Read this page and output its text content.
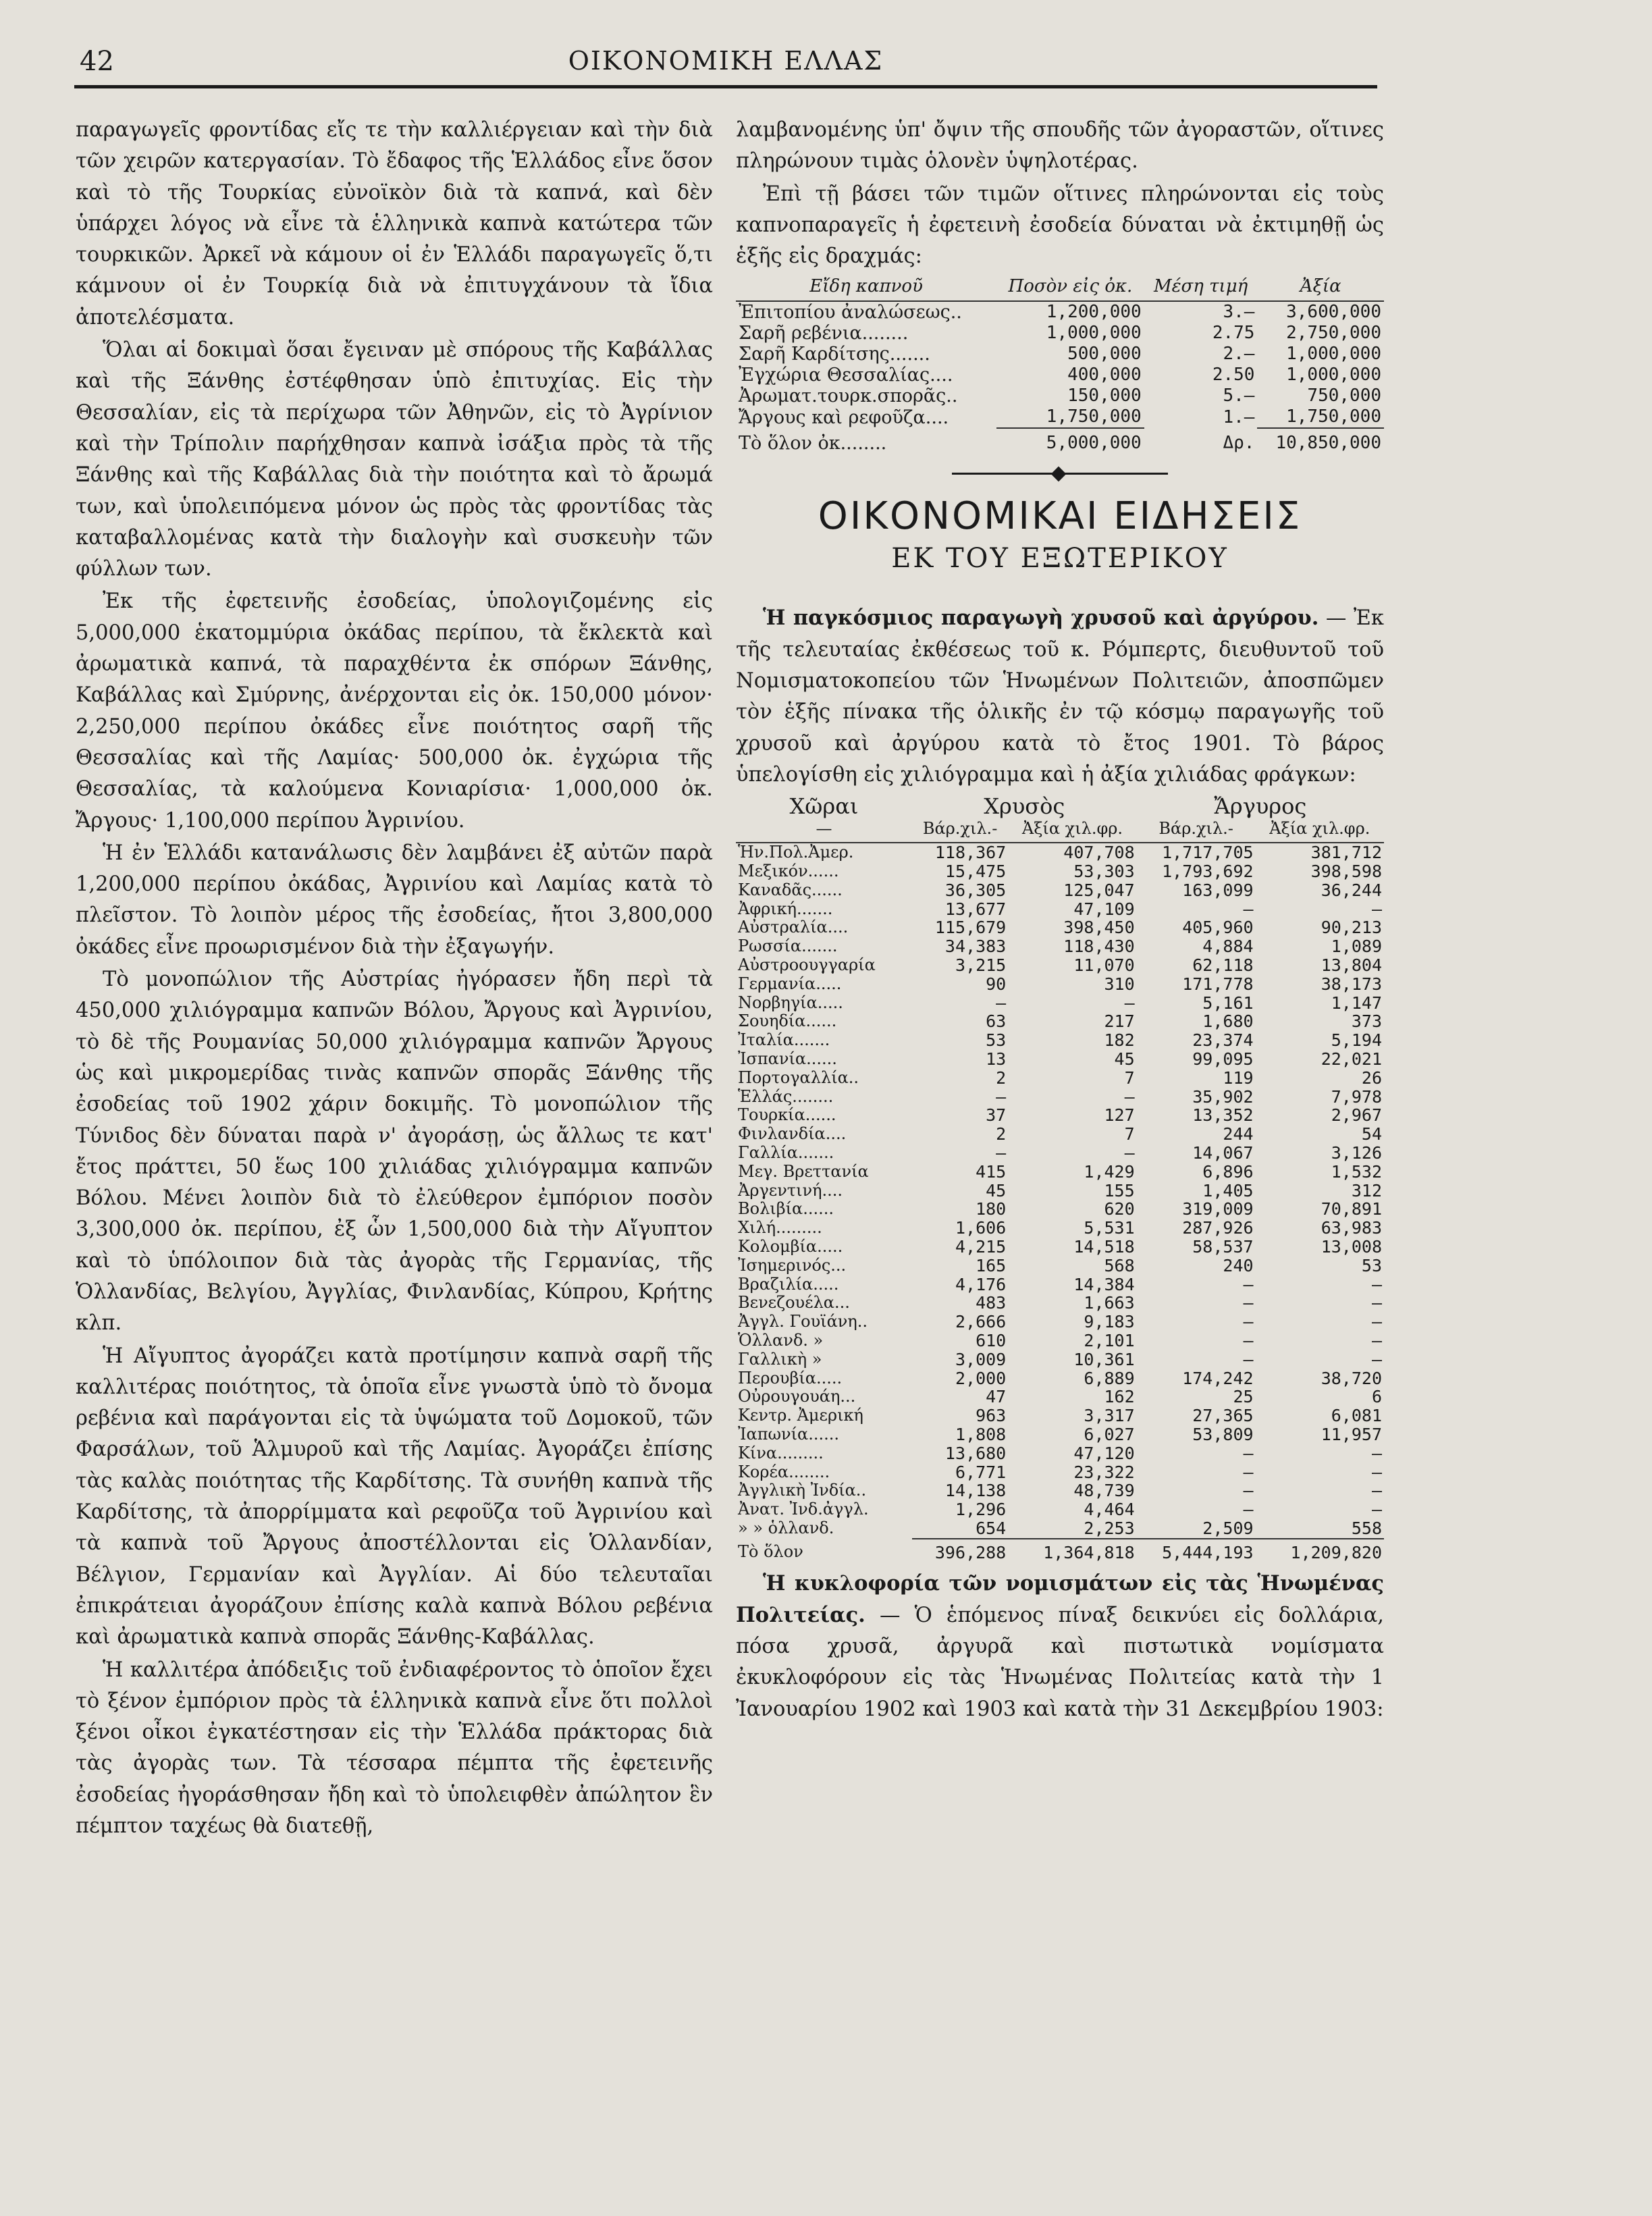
42	ΟΙΚΟΝΟΜΙΚΗ ΕΛΛΑΣ

παραγωγεῖς φροντίδας εἴς τε τὴν καλλιέργειαν καὶ τὴν διὰ τῶν χειρῶν κατεργασίαν. Τὸ ἔδαφος τῆς Ἑλλάδος εἶνε ὅσον καὶ τὸ τῆς Τουρκίας εὐνοϊκὸν διὰ τὰ καπνά, καὶ δὲν ὑπάρχει λόγος νὰ εἶνε τὰ ἑλληνικὰ καπνὰ κατώτερα τῶν τουρκικῶν. Ἀρκεῖ νὰ κάμουν οἱ ἐν Ἑλλάδι παραγωγεῖς ὅ,τι κάμνουν οἱ ἐν Τουρκίᾳ διὰ νὰ ἐπιτυγχάνουν τὰ ἴδια ἀποτελέσματα.

Ὅλαι αἱ δοκιμαὶ ὅσαι ἔγειναν μὲ σπόρους τῆς Καβάλλας καὶ τῆς Ξάνθης ἐστέφθησαν ὑπὸ ἐπιτυχίας. Εἰς τὴν Θεσσαλίαν, εἰς τὰ περίχωρα τῶν Ἀθηνῶν, εἰς τὸ Ἀγρίνιον καὶ τὴν Τρίπολιν παρήχθησαν καπνὰ ἰσάξια πρὸς τὰ τῆς Ξάνθης καὶ τῆς Καβάλλας διὰ τὴν ποιότητα καὶ τὸ ἄρωμά των, καὶ ὑπολειπόμενα μόνον ὡς πρὸς τὰς φροντίδας τὰς καταβαλλομένας κατὰ τὴν διαλογὴν καὶ συσκευὴν τῶν φύλλων των.

Ἐκ τῆς ἐφετεινῆς ἐσοδείας, ὑπολογιζομένης εἰς 5,000,000 ἑκατομμύρια ὀκάδας περίπου, τὰ ἔκλεκτὰ καὶ ἀρωματικὰ καπνά, τὰ παραχθέντα ἐκ σπόρων Ξάνθης, Καβάλλας καὶ Σμύρνης, ἀνέρχονται εἰς ὀκ. 150,000 μόνον· 2,250,000 περίπου ὀκάδες εἶνε ποιότητος σαρῆ τῆς Θεσσαλίας καὶ τῆς Λαμίας· 500,000 ὀκ. ἐγχώρια τῆς Θεσσαλίας, τὰ καλούμενα Κονιαρίσια· 1,000,000 ὀκ. Ἄργους· 1,100,000 περίπου Ἀγρινίου.

Ἡ ἐν Ἑλλάδι κατανάλωσις δὲν λαμβάνει ἐξ αὐτῶν παρὰ 1,200,000 περίπου ὀκάδας, Ἀγρινίου καὶ Λαμίας κατὰ τὸ πλεῖστον. Τὸ λοιπὸν μέρος τῆς ἐσοδείας, ἤτοι 3,800,000 ὀκάδες εἶνε προωρισμένον διὰ τὴν ἐξαγωγήν.

Τὸ μονοπώλιον τῆς Αὐστρίας ἠγόρασεν ἤδη περὶ τὰ 450,000 χιλιόγραμμα καπνῶν Βόλου, Ἄργους καὶ Ἀγρινίου, τὸ δὲ τῆς Ρουμανίας 50,000 χιλιόγραμμα καπνῶν Ἄργους ὡς καὶ μικρομερίδας τινὰς καπνῶν σπορᾶς Ξάνθης τῆς ἐσοδείας τοῦ 1902 χάριν δοκιμῆς. Τὸ μονοπώλιον τῆς Τύνιδος δὲν δύναται παρὰ ν' ἀγοράσῃ, ὡς ἄλλως τε κατ' ἔτος πράττει, 50 ἕως 100 χιλιάδας χιλιόγραμμα καπνῶν Βόλου. Μένει λοιπὸν διὰ τὸ ἐλεύθερον ἐμπόριον ποσὸν 3,300,000 ὀκ. περίπου, ἐξ ὧν 1,500,000 διὰ τὴν Αἴγυπτον καὶ τὸ ὑπόλοιπον διὰ τὰς ἀγορὰς τῆς Γερμανίας, τῆς Ὁλλανδίας, Βελγίου, Ἀγγλίας, Φινλανδίας, Κύπρου, Κρήτης κλπ.

Ἡ Αἴγυπτος ἀγοράζει κατὰ προτίμησιν καπνὰ σαρῆ τῆς καλλιτέρας ποιότητος, τὰ ὁποῖα εἶνε γνωστὰ ὑπὸ τὸ ὄνομα ρεβένια καὶ παράγονται εἰς τὰ ὑψώματα τοῦ Δομοκοῦ, τῶν Φαρσάλων, τοῦ Ἁλμυροῦ καὶ τῆς Λαμίας. Ἀγοράζει ἐπίσης τὰς καλὰς ποιότητας τῆς Καρδίτσης. Τὰ συνήθη καπνὰ τῆς Καρδίτσης, τὰ ἀπορρίμματα καὶ ρεφοῦζα τοῦ Ἀγρινίου καὶ τὰ καπνὰ τοῦ Ἄργους ἀποστέλλονται εἰς Ὁλλανδίαν, Βέλγιον, Γερμανίαν καὶ Ἀγγλίαν. Αἱ δύο τελευταῖαι ἐπικράτειαι ἀγοράζουν ἐπίσης καλὰ καπνὰ Βόλου ρεβένια καὶ ἀρωματικὰ καπνὰ σπορᾶς Ξάνθης-Καβάλλας.

Ἡ καλλιτέρα ἀπόδειξις τοῦ ἐνδιαφέροντος τὸ ὁποῖον ἔχει τὸ ξένον ἐμπόριον πρὸς τὰ ἑλληνικὰ καπνὰ εἶνε ὅτι πολλοὶ ξένοι οἶκοι ἐγκατέστησαν εἰς τὴν Ἑλλάδα πράκτορας διὰ τὰς ἀγορὰς των. Τὰ τέσσαρα πέμπτα τῆς ἐφετεινῆς ἐσοδείας ἠγοράσθησαν ἤδη καὶ τὸ ὑπολειφθὲν ἀπώλητον ἓν πέμπτον ταχέως θὰ διατεθῇ,

λαμβανομένης ὑπ' ὄψιν τῆς σπουδῆς τῶν ἀγοραστῶν, οἵτινες πληρώνουν τιμὰς ὁλονὲν ὑψηλοτέρας.

Ἐπὶ τῇ βάσει τῶν τιμῶν οἵτινες πληρώνονται εἰς τοὺς καπνοπαραγεῖς ἡ ἐφετεινὴ ἐσοδεία δύναται νὰ ἐκτιμηθῇ ὡς ἑξῆς εἰς δραχμάς:

Εἴδη καπνοῦ	Ποσὸν εἰς ὀκ.	Μέση τιμή	Ἀξία
Ἐπιτοπίου ἀναλώσεως..	1,200,000	3.—	3,600,000
Σαρῆ ρεβένια........	1,000,000	2.75	2,750,000
Σαρῆ Καρδίτσης.......	500,000	2.—	1,000,000
Ἐγχώρια Θεσσαλίας....	400,000	2.50	1,000,000
Ἀρωματ.τουρκ.σπορᾶς..	150,000	5.—	750,000
Ἄργους καὶ ρεφοῦζα....	1,750,000	1.—	1,750,000
Τὸ ὅλον ὀκ........	5,000,000	Δρ.	10,850,000
ΟΙΚΟΝΟΜΙΚΑΙ ΕΙΔΗΣΕΙΣ
ΕΚ ΤΟΥ ΕΞΩΤΕΡΙΚΟΥ

Ἡ παγκόσμιος παραγωγὴ χρυσοῦ καὶ ἀργύρου. — Ἐκ τῆς τελευταίας ἐκθέσεως τοῦ κ. Ρόμπερτς, διευθυντοῦ τοῦ Νομισματοκοπείου τῶν Ἡνωμένων Πολιτειῶν, ἀποσπῶμεν τὸν ἑξῆς πίνακα τῆς ὁλικῆς ἐν τῷ κόσμῳ παραγωγῆς τοῦ χρυσοῦ καὶ ἀργύρου κατὰ τὸ ἔτος 1901. Τὸ βάρος ὑπελογίσθη εἰς χιλιόγραμμα καὶ ἡ ἀξία χιλιάδας φράγκων:

Χῶραι	Χρυσὸς		Ἄργυρος	
—	Βάρ.χιλ.-	Ἀξία χιλ.φρ.	Βάρ.χιλ.-	Ἀξία χιλ.φρ.
Ἡν.Πολ.Ἀμερ.	118,367	407,708	1,717,705	381,712
Μεξικόν......	15,475	53,303	1,793,692	398,598
Καναδᾶς......	36,305	125,047	163,099	36,244
Ἀφρική.......	13,677	47,109	—	—
Αὐστραλία....	115,679	398,450	405,960	90,213
Ρωσσία.......	34,383	118,430	4,884	1,089
Αὐστροουγγαρία	3,215	11,070	62,118	13,804
Γερμανία.....	90	310	171,778	38,173
Νορβηγία.....	—	—	5,161	1,147
Σουηδία......	63	217	1,680	373
Ἰταλία.......	53	182	23,374	5,194
Ἰσπανία......	13	45	99,095	22,021
Πορτογαλλία..	2	7	119	26
Ἑλλάς........	—	—	35,902	7,978
Τουρκία......	37	127	13,352	2,967
Φινλανδία....	2	7	244	54
Γαλλία.......	—	—	14,067	3,126
Μεγ. Βρεττανία	415	1,429	6,896	1,532
Ἀργεντινή....	45	155	1,405	312
Βολιβία......	180	620	319,009	70,891
Χιλή.........	1,606	5,531	287,926	63,983
Κολομβία.....	4,215	14,518	58,537	13,008
Ἰσημερινός...	165	568	240	53
Βραζιλία.....	4,176	14,384	—	—
Βενεζουέλα...	483	1,663	—	—
Ἀγγλ. Γουϊάνη..	2,666	9,183	—	—
Ὁλλανδ. »	610	2,101	—	—
Γαλλικὴ »	3,009	10,361	—	—
Περουβία.....	2,000	6,889	174,242	38,720
Οὐρουγουάη...	47	162	25	6
Κεντρ. Ἀμερική	963	3,317	27,365	6,081
Ἰαπωνία......	1,808	6,027	53,809	11,957
Κίνα.........	13,680	47,120	—	—
Κορέα........	6,771	23,322	—	—
Ἀγγλικὴ Ἰνδία..	14,138	48,739	—	—
Ἀνατ. Ἰνδ.ἀγγλ.	1,296	4,464	—	—
» » ὁλλανδ.	654	2,253	2,509	558
Τὸ ὅλον	396,288	1,364,818	5,444,193	1,209,820

Ἡ κυκλοφορία τῶν νομισμάτων εἰς τὰς Ἡνωμένας Πολιτείας. — Ὁ ἑπόμενος πίναξ δεικνύει εἰς δολλάρια, πόσα χρυσᾶ, ἀργυρᾶ καὶ πιστωτικὰ νομίσματα ἐκυκλοφόρουν εἰς τὰς Ἡνωμένας Πολιτείας κατὰ τὴν 1 Ἰανουαρίου 1902 καὶ 1903 καὶ κατὰ τὴν 31 Δεκεμβρίου 1903:
